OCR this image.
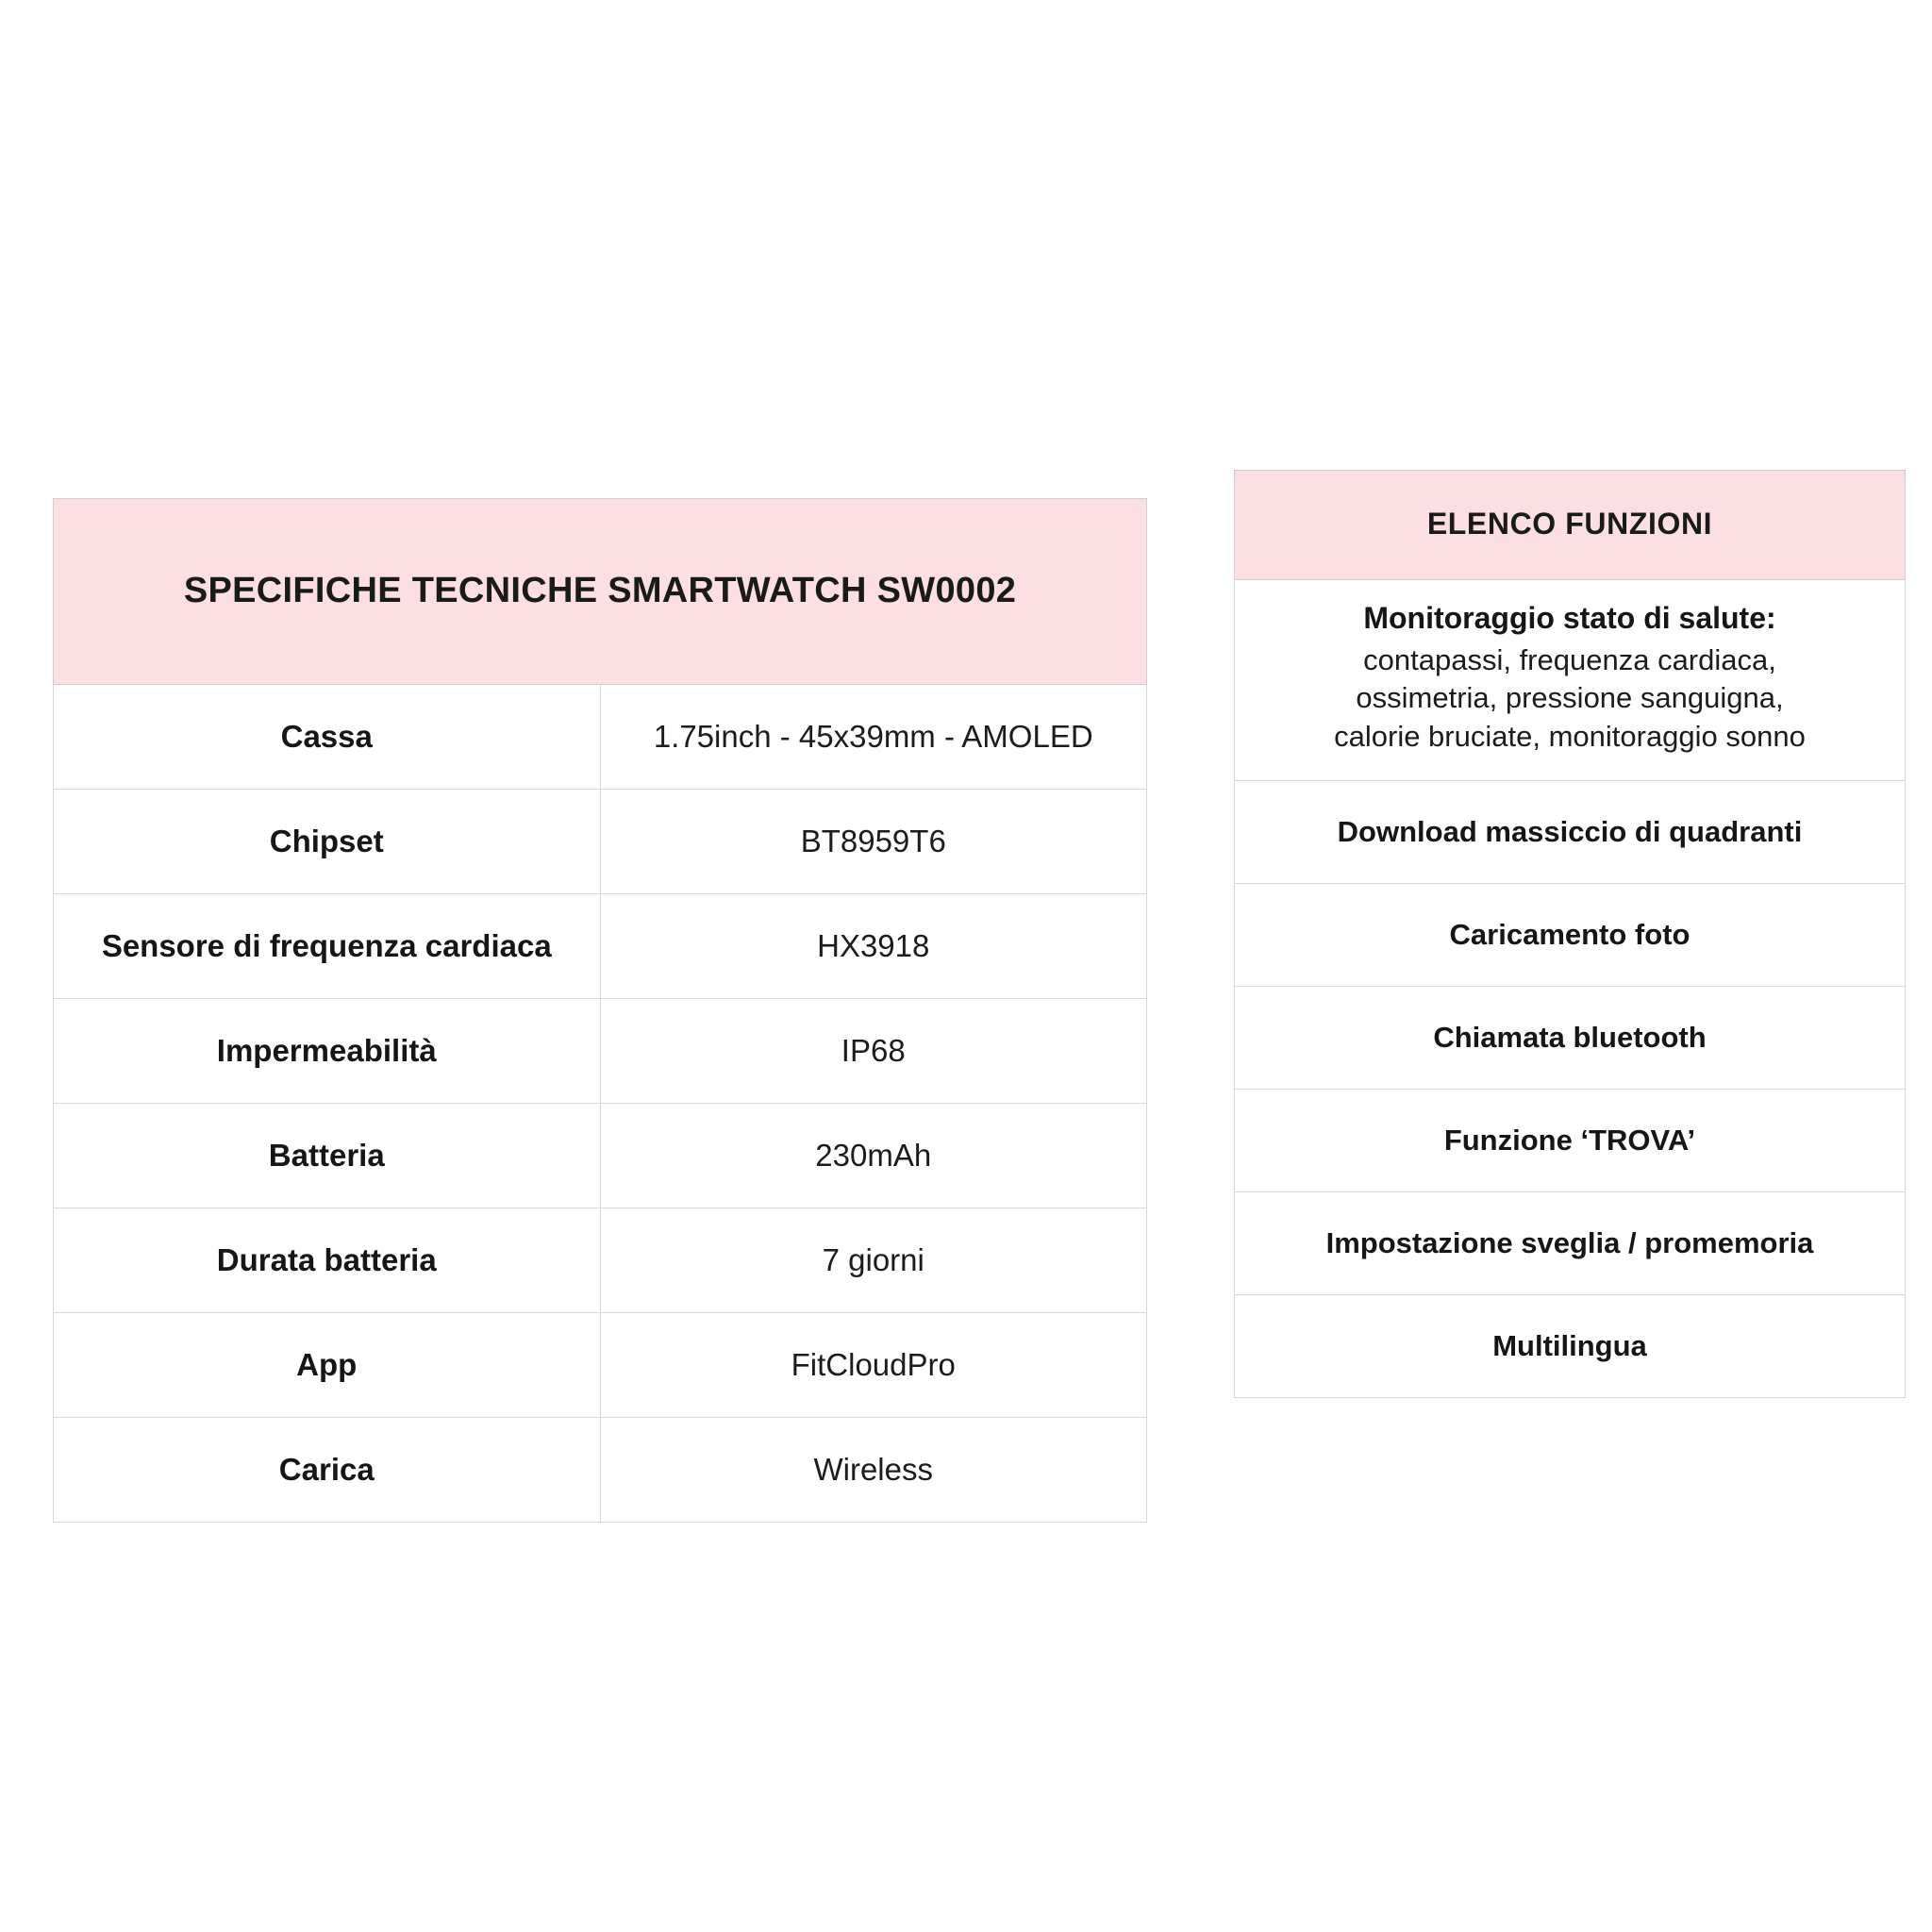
SPECIFICHE TECNICHE SMARTWATCH SW0002	
Cassa	1.75inch - 45x39mm - AMOLED
Chipset	BT8959T6
Sensore di frequenza cardiaca	HX3918
Impermeabilità	IP68
Batteria	230mAh
Durata batteria	7 giorni
App	FitCloudPro
Carica	Wireless
ELENCO FUNZIONI

Monitoraggio stato di salute:
contapassi, frequenza cardiaca,
ossimetria, pressione sanguigna,
calorie bruciate, monitoraggio sonno

Download massiccio di quadranti
Caricamento foto
Chiamata bluetooth
Funzione ‘TROVA’
Impostazione sveglia / promemoria
Multilingua
